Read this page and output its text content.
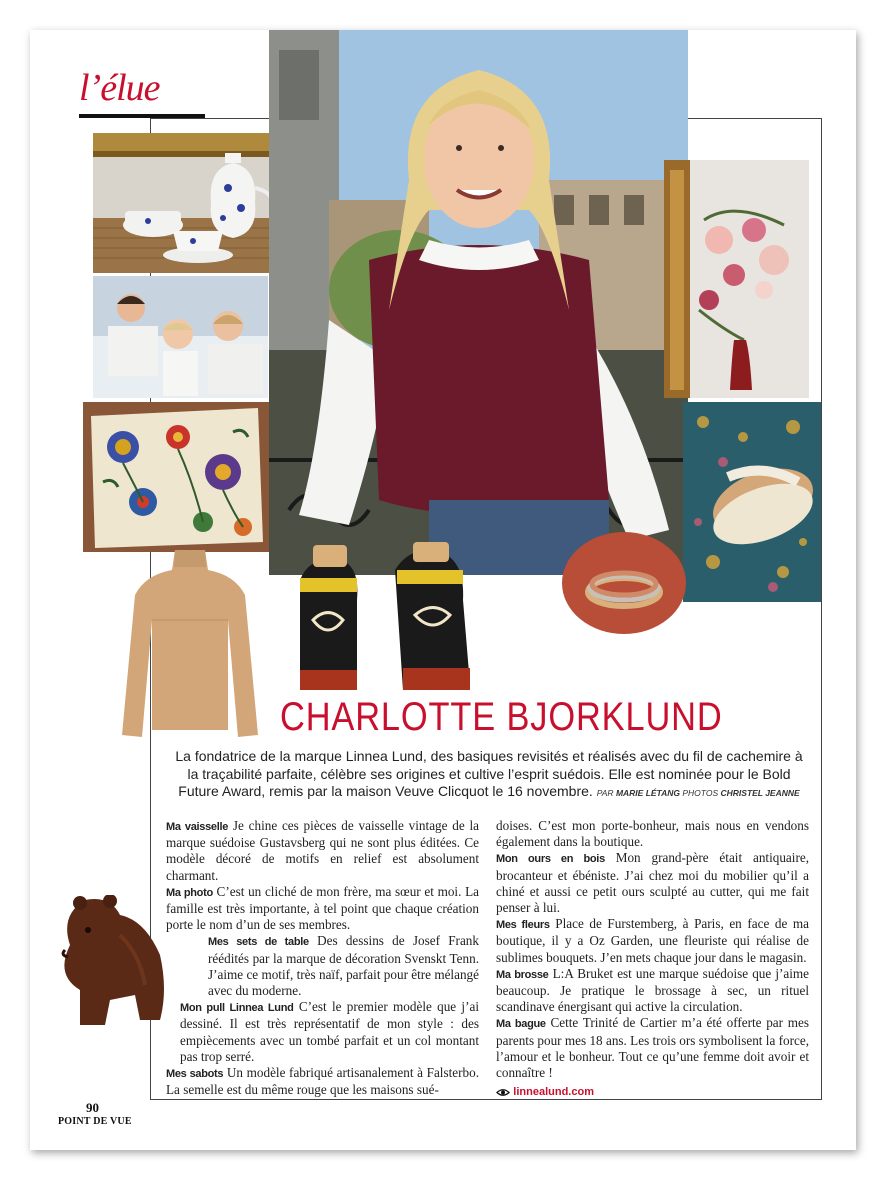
l’élue
CHARLOTTE BJORKLUND
La fondatrice de la marque Linnea Lund, des basiques revisités et réalisés avec du fil de cachemire à la traçabilité parfaite, célèbre ses origines et cultive l’esprit suédois. Elle est nominée pour le Bold Future Award, remis par la maison Veuve Clicquot le 16 novembre. PAR MARIE LÉTANG PHOTOS CHRISTEL JEANNE

Ma vaisselle Je chine ces pièces de vaisselle vintage de la marque suédoise Gustavsberg qui ne sont plus éditées. Ce modèle décoré de motifs en relief est absolument charmant.

Ma photo C’est un cliché de mon frère, ma sœur et moi. La famille est très importante, à tel point que chaque création porte le nom d’un de ses membres.

Mes sets de table Des dessins de Josef Frank réédités par la marque de décoration Svenskt Tenn. J’aime ce motif, très naïf, parfait pour être mélangé avec du moderne.

Mon pull Linnea Lund C’est le premier modèle que j’ai dessiné. Il est très représentatif de mon style : des empiècements avec un tombé parfait et un col montant pas trop serré.

Mes sabots Un modèle fabriqué artisanalement à Falsterbo. La semelle est du même rouge que les maisons sué-

doises. C’est mon porte-bonheur, mais nous en vendons également dans la boutique.

Mon ours en bois Mon grand-père était antiquaire, brocanteur et ébéniste. J’ai chez moi du mobilier qu’il a chiné et aussi ce petit ours sculpté au cutter, qui me fait penser à lui.

Mes fleurs Place de Furstemberg, à Paris, en face de ma boutique, il y a Oz Garden, une fleuriste qui réalise de sublimes bouquets. J’en mets chaque jour dans le magasin.

Ma brosse L:A Bruket est une marque suédoise que j’aime beaucoup. Je pratique le brossage à sec, un rituel scandinave énergisant qui active la circulation.

Ma bague Cette Trinité de Cartier m’a été offerte par mes parents pour mes 18 ans. Les trois ors symbolisent la force, l’amour et le bonheur. Tout ce qu’une femme doit avoir et connaître !

linnealund.com

90
POINT DE VUE
